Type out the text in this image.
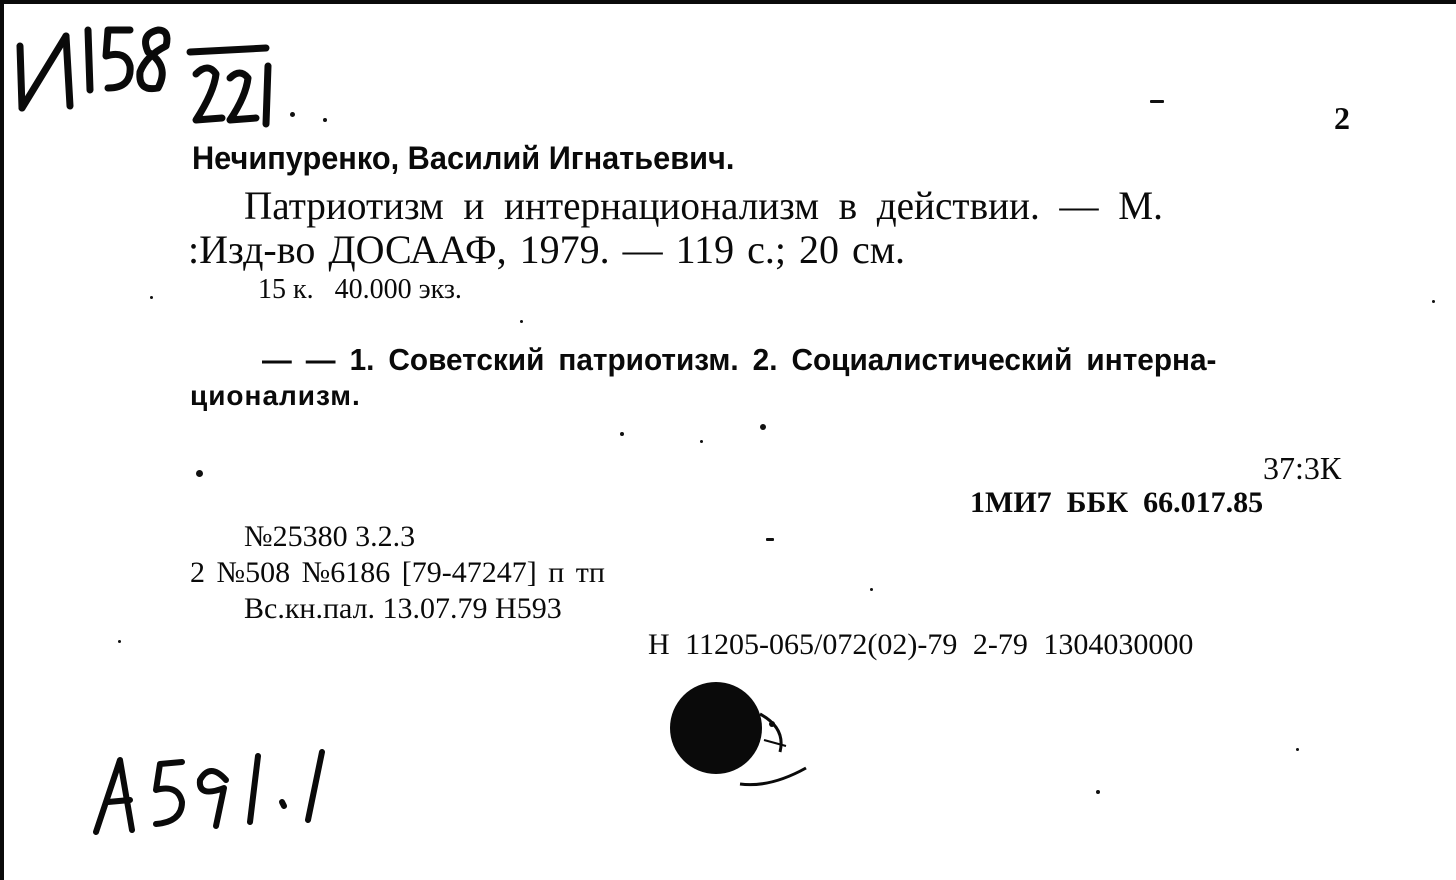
2
Нечипуренко, Василий Игнатьевич.
Патриотизм и интернационализм в действии. — М.
:Изд-во ДОСААФ, 1979. — 119 с.; 20 см.
15 к.   40.000 экз.
— — 1. Советский патриотизм. 2. Социалистический интерна-
ционализм.
37:3К
1МИ7  ББК  66.017.85
№25380 3.2.3
2 №508 №6186 [79-47247] п тп
Вс.кн.пал. 13.07.79 Н593
Н 11205-065/072(02)-79 2-79 1304030000
